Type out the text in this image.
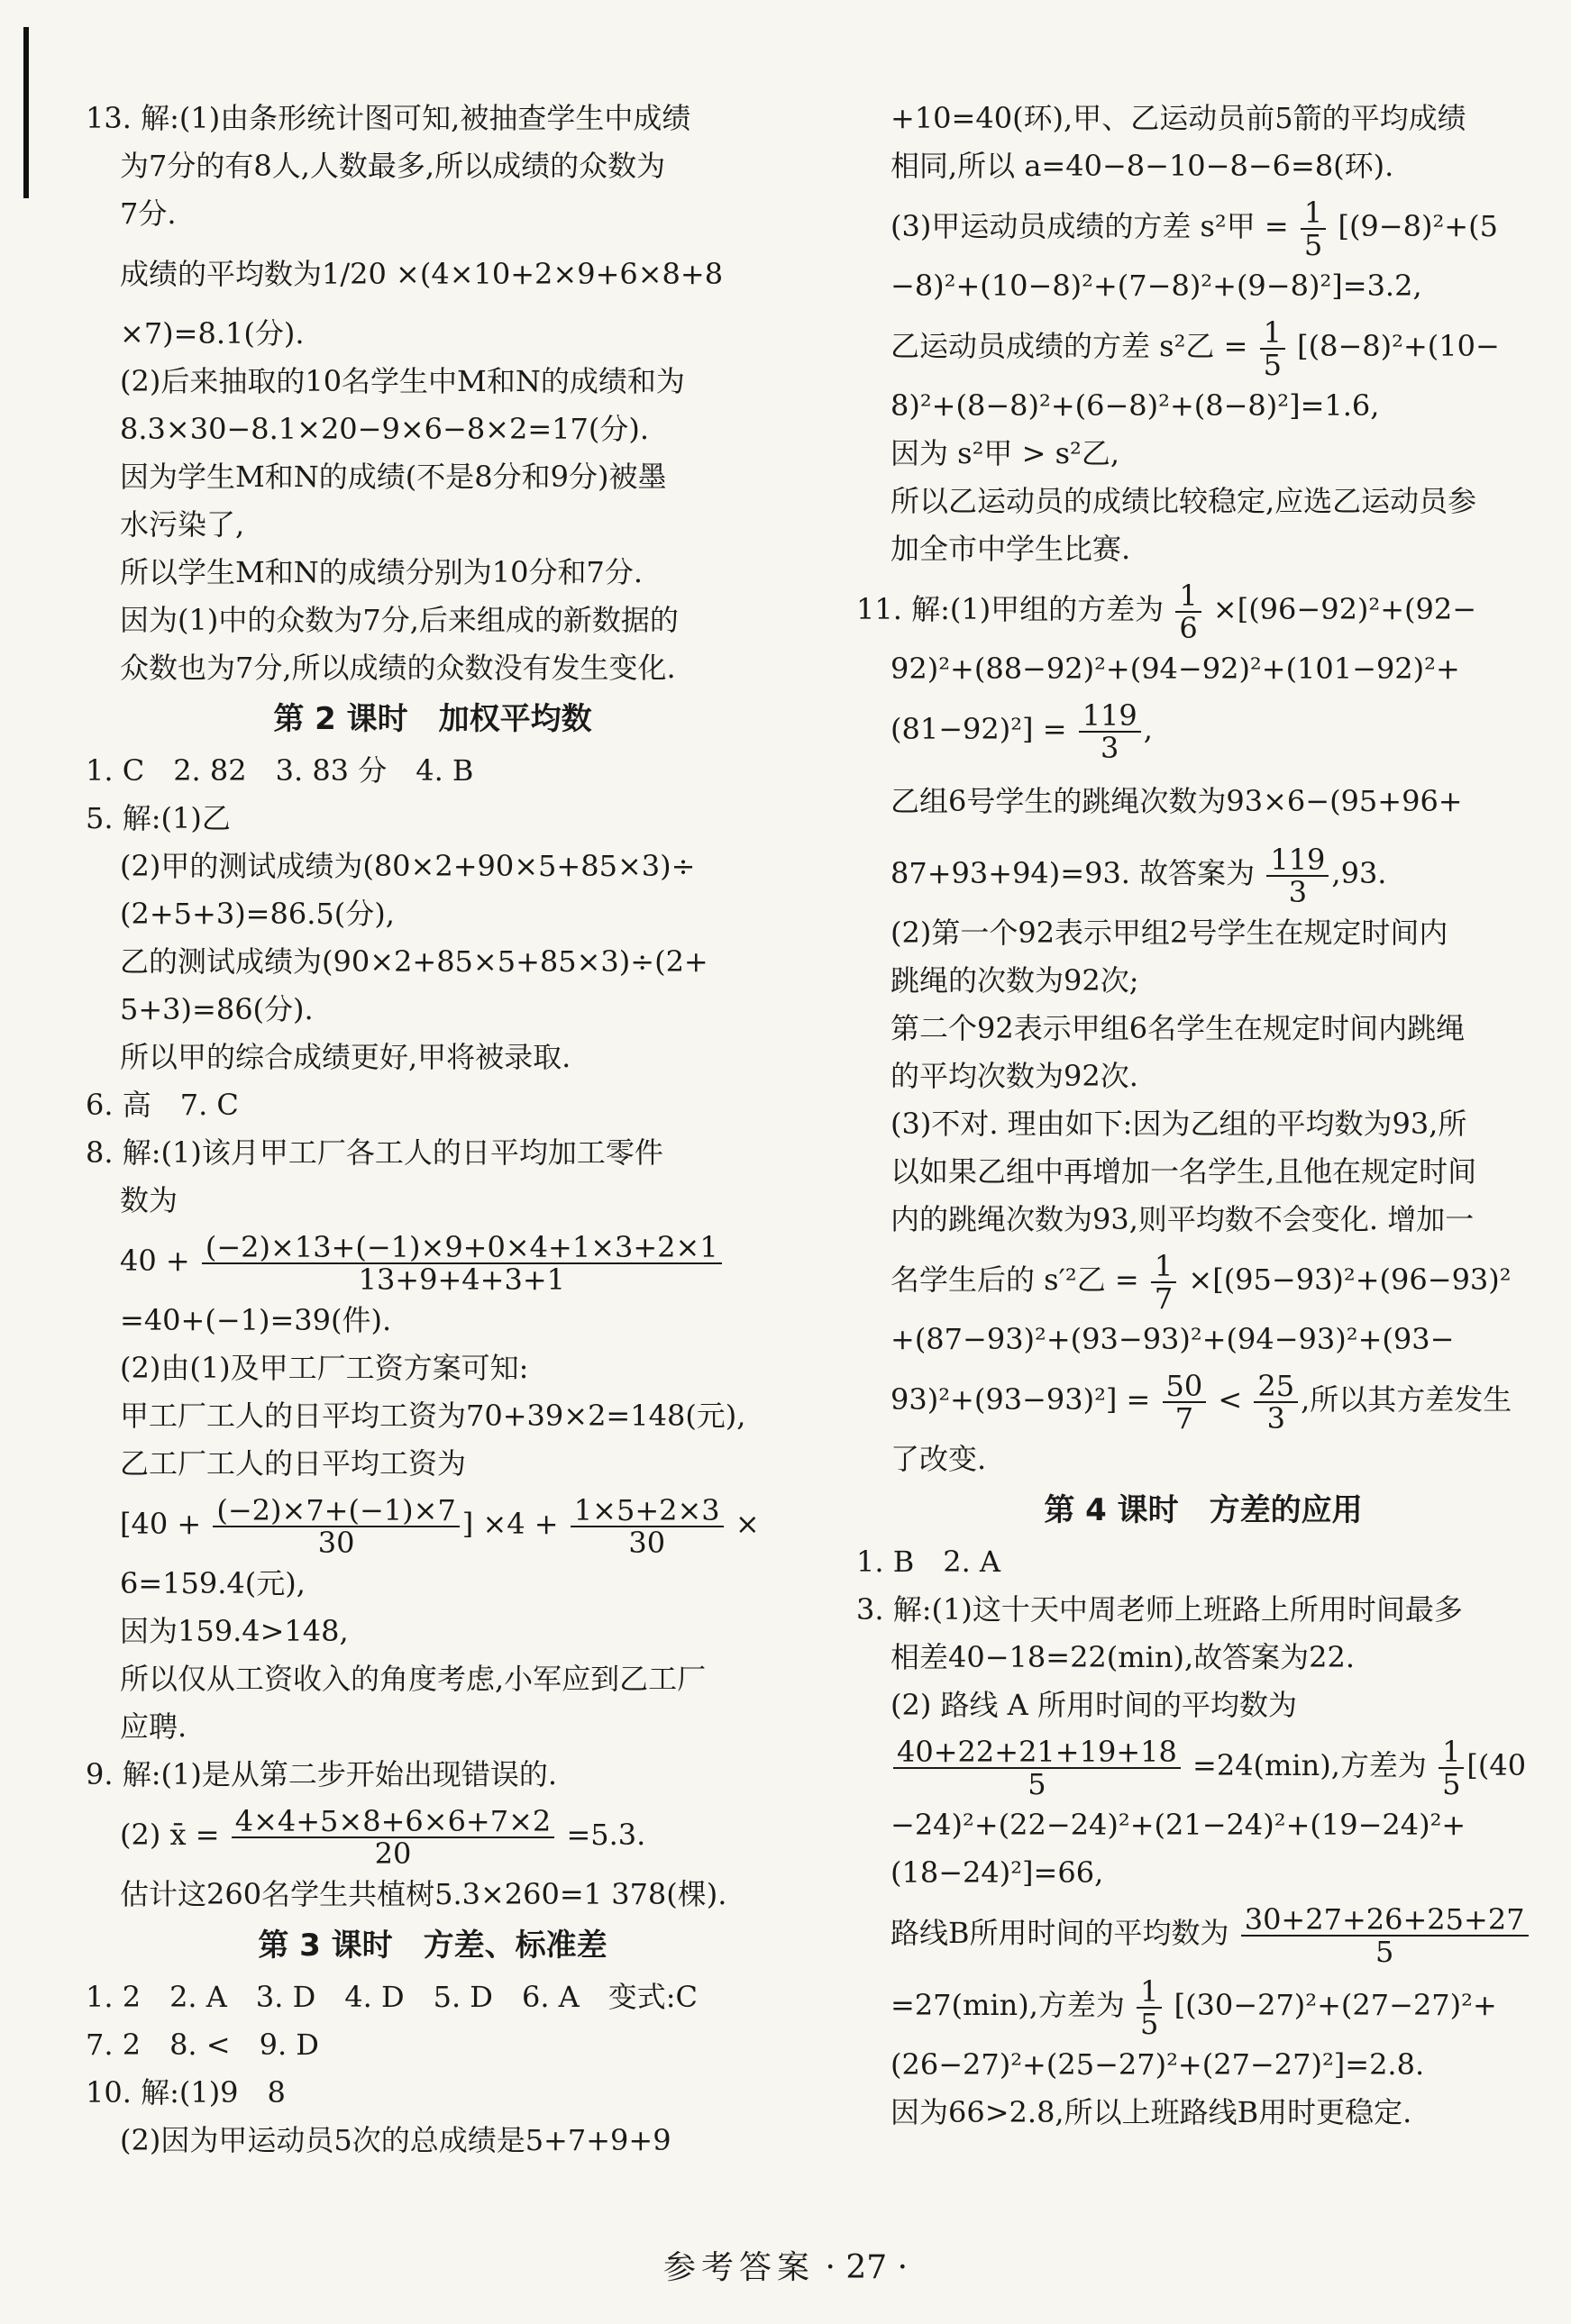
13. 解:(1)由条形统计图可知,被抽查学生中成绩

为7分的有8人,人数最多,所以成绩的众数为

7分.

成绩的平均数为1/20 ×(4×10+2×9+6×8+8

×7)=8.1(分).

(2)后来抽取的10名学生中M和N的成绩和为

8.3×30−8.1×20−9×6−8×2=17(分).

因为学生M和N的成绩(不是8分和9分)被墨

水污染了,

所以学生M和N的成绩分别为10分和7分.

因为(1)中的众数为7分,后来组成的新数据的

众数也为7分,所以成绩的众数没有发生变化.

第 2 课时　加权平均数

1. C　2. 82　3. 83 分　4. B

5. 解:(1)乙

(2)甲的测试成绩为(80×2+90×5+85×3)÷

(2+5+3)=86.5(分),

乙的测试成绩为(90×2+85×5+85×3)÷(2+

5+3)=86(分).

所以甲的综合成绩更好,甲将被录取.

6. 高　7. C

8. 解:(1)该月甲工厂各工人的日平均加工零件

数为

$40 + \frac{(-2)\times 13+(-1)\times 9+0\times 4+1\times 3+2\times 1}{13+9+4+3+1}$

=40+(−1)=39(件).

(2)由(1)及甲工厂工资方案可知:

甲工厂工人的日平均工资为70+39×2=148(元),

乙工厂工人的日平均工资为

[$40 + \frac{(-2)\times 7+(-1)\times 7}{30}$ ] $\times 4 + \frac{1\times 5+2\times 3}{30}$ ×

6=159.4(元),

因为159.4>148,

所以仅从工资收入的角度考虑,小军应到乙工厂

应聘.

9. 解:(1)是从第二步开始出现错误的.

(2) x̄ = $\frac{4\times 4+5\times 8+6\times 6+7\times 2}{20} =5.3$.

估计这260名学生共植树5.3×260=1 378(棵).

第 3 课时　方差、标准差

1. 2　2. A　3. D　4. D　5. D　6. A　变式:C

7. 2　8. <　9. D

10. 解:(1)9　8

(2)因为甲运动员5次的总成绩是5+7+9+9

+10=40(环),甲、乙运动员前5箭的平均成绩

相同,所以 a=40−8−10−8−6=8(环).

(3)甲运动员成绩的方差 s²甲 = $\frac{1}{5} [(9-8)^2+(5$

−8)²+(10−8)²+(7−8)²+(9−8)²]=3.2,

乙运动员成绩的方差 s²乙 = $\frac{1}{5} [(8-8)^2+(10-$

8)²+(8−8)²+(6−8)²+(8−8)²]=1.6,

因为 s²甲 > s²乙,

所以乙运动员的成绩比较稳定,应选乙运动员参

加全市中学生比赛.

11. 解:(1)甲组的方差为 $\frac{1}{6} \times[(96-92)^2+(92-$

92)²+(88−92)²+(94−92)²+(101−92)²+

$(81-92)^2] = \frac{119}{3}$ ,

乙组6号学生的跳绳次数为93×6−(95+96+

87+93+94)=93. 故答案为 $\frac{119}{3} ,93$.

(2)第一个92表示甲组2号学生在规定时间内

跳绳的次数为92次;

第二个92表示甲组6名学生在规定时间内跳绳

的平均次数为92次.

(3)不对. 理由如下:因为乙组的平均数为93,所

以如果乙组中再增加一名学生,且他在规定时间

内的跳绳次数为93,则平均数不会变化. 增加一

名学生后的 s′²乙 = $\frac{1}{7} \times[(95-93)^2+(96-93)^2$

+(87−93)²+(93−93)²+(94−93)²+(93−

$93)^2+(93-93)^2] = \frac{50}{7} < \frac{25}{3}$ ,所以其方差发生

了改变.

第 4 课时　方差的应用

1. B　2. A

3. 解:(1)这十天中周老师上班路上所用时间最多

相差40−18=22(min),故答案为22.

(2) 路线 A 所用时间的平均数为

$\frac{40+22+21+19+18}{5} =24(\min)$,方差为 $\frac{1}{5} [(40$

−24)²+(22−24)²+(21−24)²+(19−24)²+

(18−24)²]=66,

路线B所用时间的平均数为 $\frac{30+27+26+25+27}{5}$

=27(min),方差为 $\frac{1}{5} [(30-27)^2+(27-27)^2+$

(26−27)²+(25−27)²+(27−27)²]=2.8.

因为66>2.8,所以上班路线B用时更稳定.

参考答案 · 27 ·
